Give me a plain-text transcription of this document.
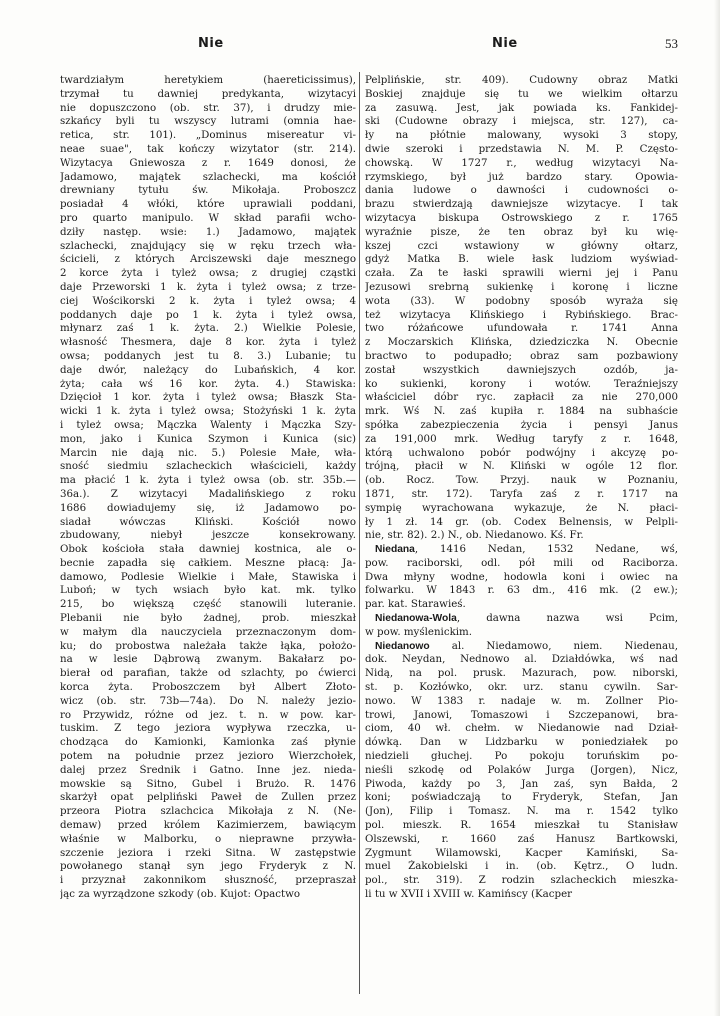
Nie	Nie	53
twardziałym heretykiem (haereticissimus),
trzymał tu dawniej predykanta, wizytacyi
nie dopuszczono (ob. str. 37), i drudzy mie-
szkańcy byli tu wszyscy lutrami (omnia hae-
retica, str. 101). „Dominus misereatur vi-
neae suae", tak kończy wizytator (str. 214).
Wizytacya Gniewosza z r. 1649 donosi, że
Jadamowo, majątek szlachecki, ma kościół
drewniany tytułu św. Mikołaja. Proboszcz
posiadał 4 włóki, które uprawiali poddani,
pro quarto manipulo. W skład parafii wcho-
dziły następ. wsie: 1.) Jadamowo, majątek
szlachecki, znajdujący się w ręku trzech wła-
ścicieli, z których Arciszewski daje mesznego
2 korce żyta i tyleż owsa; z drugiej cząstki
daje Przeworski 1 k. żyta i tyleż owsa; z trze-
ciej Wościkorski 2 k. żyta i tyleż owsa; 4
poddanych daje po 1 k. żyta i tyleż owsa,
młynarz zaś 1 k. żyta. 2.) Wielkie Polesie,
własność Thesmera, daje 8 kor. żyta i tyleż
owsa; poddanych jest tu 8. 3.) Lubanie; tu
daje dwór, należący do Lubańskich, 4 kor.
żyta; cała wś 16 kor. żyta. 4.) Stawiska:
Dzięcioł 1 kor. żyta i tyleż owsa; Błaszk Sta-
wicki 1 k. żyta i tyleż owsa; Stożyński 1 k. żyta
i tyleż owsa; Mączka Walenty i Mączka Szy-
mon, jako i Kunica Szymon i Kunica (sic)
Marcin nie dają nic. 5.) Polesie Małe, wła-
sność siedmiu szlacheckich właścicieli, każdy
ma płacić 1 k. żyta i tyleż owsa (ob. str. 35b.—
36a.). Z wizytacyi Madalińskiego z roku
1686 dowiadujemy się, iż Jadamowo po-
siadał wówczas Kliński. Kościół nowo
zbudowany, niebył jeszcze konsekrowany.
Obok kościoła stała dawniej kostnica, ale o-
becnie zapadła się całkiem. Meszne płacą: Ja-
damowo, Podlesie Wielkie i Małe, Stawiska i
Luboń; w tych wsiach było kat. mk. tylko
215, bo większą część stanowili luteranie.
Plebanii nie było żadnej, prob. mieszkał
w małym dla nauczyciela przeznaczonym dom-
ku; do probostwa należała także łąka, położo-
na w lesie Dąbrową zwanym. Bakałarz po-
bierał od parafian, także od szlachty, po ćwierci
korca żyta. Proboszczem był Albert Złoto-
wicz (ob. str. 73b—74a). Do N. należy jezio-
ro Przywidz, różne od jez. t. n. w pow. kar-
tuskim. Z tego jeziora wypływa rzeczka, u-
chodząca do Kamionki, Kamionka zaś płynie
potem na południe przez jezioro Wierzchołek,
dalej przez Średnik i Gatno. Inne jez. nieda-
mowskie są Sitno, Gubel i Brużo. R. 1476
skarżył opat pelpliński Paweł de Zullen przez
przeora Piotra szlachcica Mikołaja z N. (Ne-
demaw) przed królem Kazimierzem, bawiącym
właśnie w Malborku, o nieprawne przywła-
szczenie jeziora i rzeki Sitna. W zastępstwie
powołanego stanął syn jego Fryderyk z N.
i przyznał zakonnikom słuszność, przepraszał
jąc za wyrządzone szkody (ob. Kujot: Opactwo
Pelplińskie, str. 409). Cudowny obraz Matki
Boskiej znajduje się tu we wielkim ołtarzu
za zasuwą. Jest, jak powiada ks. Fankidej-
ski (Cudowne obrazy i miejsca, str. 127), ca-
ły na płótnie malowany, wysoki 3 stopy,
dwie szeroki i przedstawia N. M. P. Często-
chowską. W 1727 r., według wizytacyi Na-
rzymskiego, był już bardzo stary. Opowia-
dania ludowe o dawności i cudowności o-
brazu stwierdzają dawniejsze wizytacye. I tak
wizytacya biskupa Ostrowskiego z r. 1765
wyraźnie pisze, że ten obraz był ku wię-
kszej czci wstawiony w główny ołtarz,
gdyż Matka B. wiele łask ludziom wyświad-
czała. Za te łaski sprawili wierni jej i Panu
Jezusowi srebrną sukienkę i koronę i liczne
wota (33). W podobny sposób wyraża się
też wizytacya Klińskiego i Rybińskiego. Brac-
two różańcowe ufundowała r. 1741 Anna
z Moczarskich Klińska, dziedziczka N. Obecnie
bractwo to podupadło; obraz sam pozbawiony
został wszystkich dawniejszych ozdób, ja-
ko sukienki, korony i wotów. Teraźniejszy
właściciel dóbr ryc. zapłacił za nie 270,000
mrk. Wś N. zaś kupiła r. 1884 na subhaście
spółka zabezpieczenia życia i pensyi Janus
za 191,000 mrk. Według taryfy z r. 1648,
którą uchwalono pobór podwójny i akcyzę po-
trójną, płacił w N. Kliński w ogóle 12 flor.
(ob. Rocz. Tow. Przyj. nauk w Poznaniu,
1871, str. 172). Taryfa zaś z r. 1717 na
sympię wyrachowana wykazuje, że N. płaci-
ły 1 zł. 14 gr. (ob. Codex Belnensis, w Pelpli-
nie, str. 82). 2.) N., ob. Niedanowo. Kś. Fr.
Niedana, 1416 Nedan, 1532 Nedane, wś,
pow. raciborski, odl. pół mili od Raciborza.
Dwa młyny wodne, hodowla koni i owiec na
folwarku. W 1843 r. 63 dm., 416 mk. (2 ew.);
par. kat. Starawieś.
Niedanowa-Wola, dawna nazwa wsi Pcim,
w pow. myślenickim.
Niedanowo al. Niedamowo, niem. Niedenau,
dok. Neydan, Nednowo al. Działdówka, wś nad
Nidą, na pol. prusk. Mazurach, pow. niborski,
st. p. Kozłówko, okr. urz. stanu cywiln. Sar-
nowo. W 1383 r. nadaje w. m. Zollner Pio-
trowi, Janowi, Tomaszowi i Szczepanowi, bra-
ciom, 40 wł. chełm. w Niedanowie nad Dział-
dówką. Dan w Lidzbarku w poniedziałek po
niedzieli głuchej. Po pokoju toruńskim po-
nieśli szkodę od Polaków Jurga (Jorgen), Nicz,
Piwoda, każdy po 3, Jan zaś, syn Bałda, 2
koni; poświadczają to Fryderyk, Stefan, Jan
(Jon), Filip i Tomasz. N. ma r. 1542 tylko
pol. mieszk. R. 1654 mieszkał tu Stanisław
Olszewski, r. 1660 zaś Hanusz Bartkowski,
Zygmunt Wilamowski, Kacper Kamiński, Sa-
muel Żakobielski i in. (ob. Kętrz., O ludn.
pol., str. 319). Z rodzin szlacheckich mieszka-
li tu w XVII i XVIII w. Kamińscy (Kacper
